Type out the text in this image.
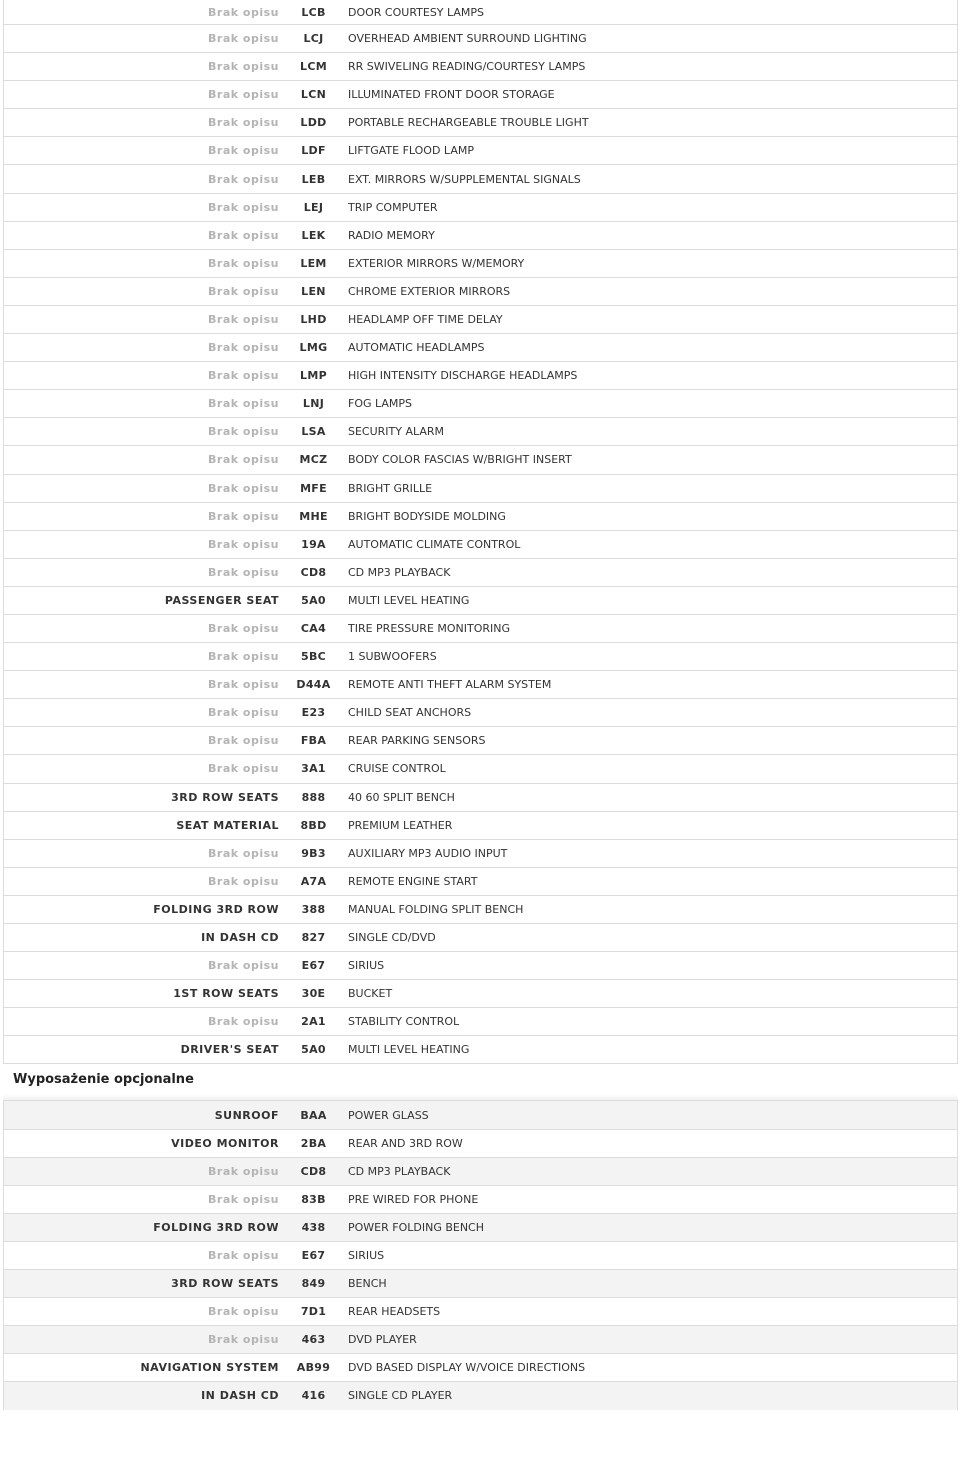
Brak opisu	LCB	DOOR COURTESY LAMPS
Brak opisu	LCJ	OVERHEAD AMBIENT SURROUND LIGHTING
Brak opisu	LCM	RR SWIVELING READING/COURTESY LAMPS
Brak opisu	LCN	ILLUMINATED FRONT DOOR STORAGE
Brak opisu	LDD	PORTABLE RECHARGEABLE TROUBLE LIGHT
Brak opisu	LDF	LIFTGATE FLOOD LAMP
Brak opisu	LEB	EXT. MIRRORS W/SUPPLEMENTAL SIGNALS
Brak opisu	LEJ	TRIP COMPUTER
Brak opisu	LEK	RADIO MEMORY
Brak opisu	LEM	EXTERIOR MIRRORS W/MEMORY
Brak opisu	LEN	CHROME EXTERIOR MIRRORS
Brak opisu	LHD	HEADLAMP OFF TIME DELAY
Brak opisu	LMG	AUTOMATIC HEADLAMPS
Brak opisu	LMP	HIGH INTENSITY DISCHARGE HEADLAMPS
Brak opisu	LNJ	FOG LAMPS
Brak opisu	LSA	SECURITY ALARM
Brak opisu	MCZ	BODY COLOR FASCIAS W/BRIGHT INSERT
Brak opisu	MFE	BRIGHT GRILLE
Brak opisu	MHE	BRIGHT BODYSIDE MOLDING
Brak opisu	19A	AUTOMATIC CLIMATE CONTROL
Brak opisu	CD8	CD MP3 PLAYBACK
PASSENGER SEAT	5A0	MULTI LEVEL HEATING
Brak opisu	CA4	TIRE PRESSURE MONITORING
Brak opisu	5BC	1 SUBWOOFERS
Brak opisu	D44A	REMOTE ANTI THEFT ALARM SYSTEM
Brak opisu	E23	CHILD SEAT ANCHORS
Brak opisu	FBA	REAR PARKING SENSORS
Brak opisu	3A1	CRUISE CONTROL
3RD ROW SEATS	888	40 60 SPLIT BENCH
SEAT MATERIAL	8BD	PREMIUM LEATHER
Brak opisu	9B3	AUXILIARY MP3 AUDIO INPUT
Brak opisu	A7A	REMOTE ENGINE START
FOLDING 3RD ROW	388	MANUAL FOLDING SPLIT BENCH
IN DASH CD	827	SINGLE CD/DVD
Brak opisu	E67	SIRIUS
1ST ROW SEATS	30E	BUCKET
Brak opisu	2A1	STABILITY CONTROL
DRIVER'S SEAT	5A0	MULTI LEVEL HEATING
Wyposażenie opcjonalne
SUNROOF	BAA	POWER GLASS
VIDEO MONITOR	2BA	REAR AND 3RD ROW
Brak opisu	CD8	CD MP3 PLAYBACK
Brak opisu	83B	PRE WIRED FOR PHONE
FOLDING 3RD ROW	438	POWER FOLDING BENCH
Brak opisu	E67	SIRIUS
3RD ROW SEATS	849	BENCH
Brak opisu	7D1	REAR HEADSETS
Brak opisu	463	DVD PLAYER
NAVIGATION SYSTEM	AB99	DVD BASED DISPLAY W/VOICE DIRECTIONS
IN DASH CD	416	SINGLE CD PLAYER
